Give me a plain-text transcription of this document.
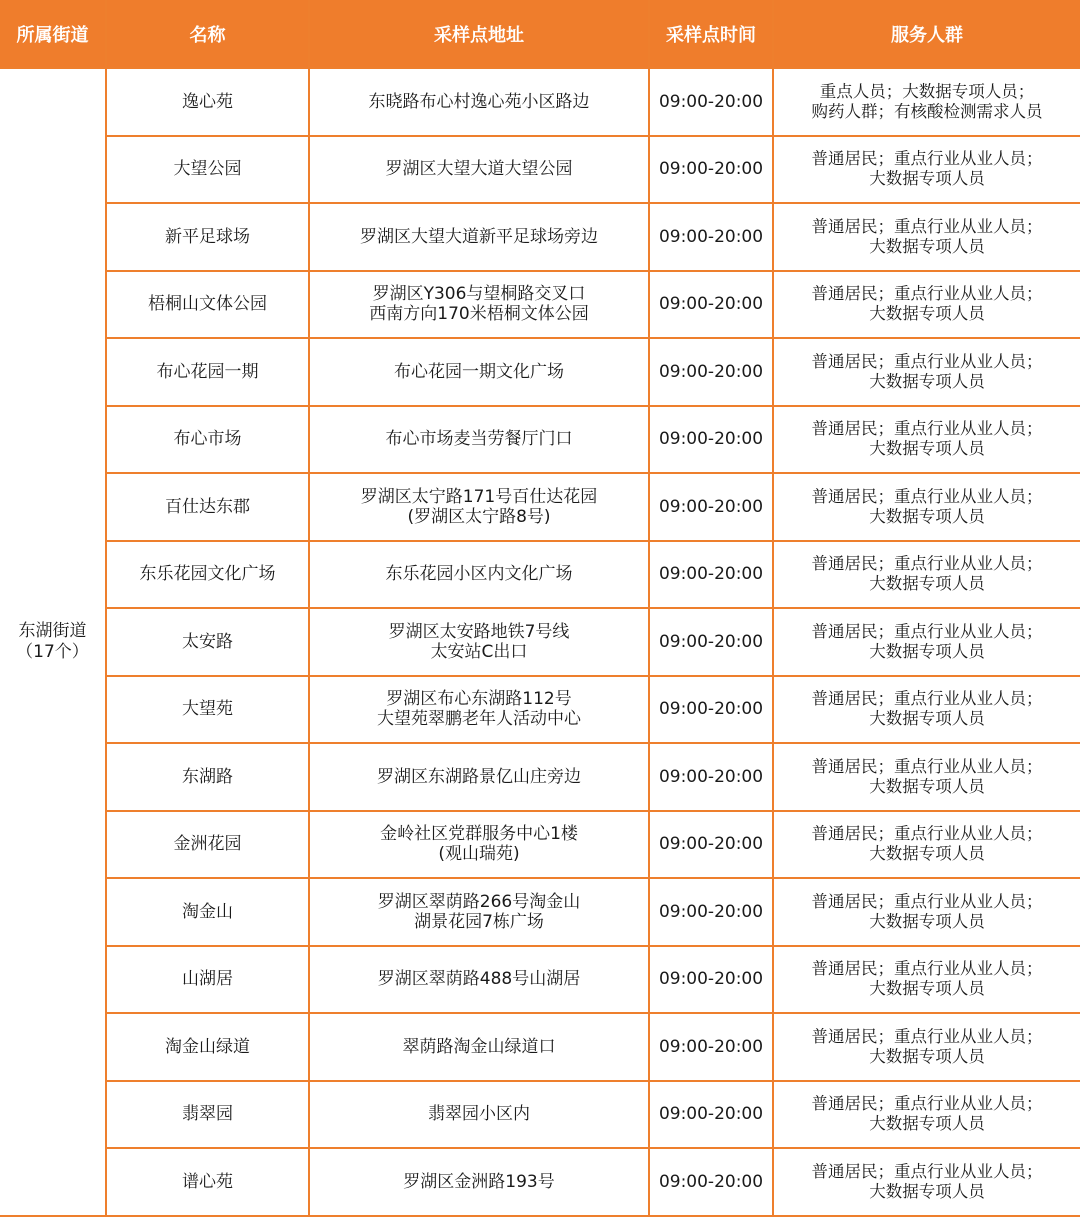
所属街道	名称	采样点地址	采样点时间	服务人群

东湖街道
（17个）	逸心苑	东晓路布心村逸心苑小区路边	09:00-20:00	重点人员；大数据专项人员；
购药人群；有核酸检测需求人员

	大望公园	罗湖区大望大道大望公园	09:00-20:00	普通居民；重点行业从业人员；
大数据专项人员

	新平足球场	罗湖区大望大道新平足球场旁边	09:00-20:00	普通居民；重点行业从业人员；
大数据专项人员

	梧桐山文体公园	罗湖区Y306与望桐路交叉口
西南方向170米梧桐文体公园	09:00-20:00	普通居民；重点行业从业人员；
大数据专项人员

	布心花园一期	布心花园一期文化广场	09:00-20:00	普通居民；重点行业从业人员；
大数据专项人员

	布心市场	布心市场麦当劳餐厅门口	09:00-20:00	普通居民；重点行业从业人员；
大数据专项人员

	百仕达东郡	罗湖区太宁路171号百仕达花园
(罗湖区太宁路8号)	09:00-20:00	普通居民；重点行业从业人员；
大数据专项人员

	东乐花园文化广场	东乐花园小区内文化广场	09:00-20:00	普通居民；重点行业从业人员；
大数据专项人员

	太安路	罗湖区太安路地铁7号线
太安站C出口	09:00-20:00	普通居民；重点行业从业人员；
大数据专项人员

	大望苑	罗湖区布心东湖路112号
大望苑翠鹏老年人活动中心	09:00-20:00	普通居民；重点行业从业人员；
大数据专项人员

	东湖路	罗湖区东湖路景亿山庄旁边	09:00-20:00	普通居民；重点行业从业人员；
大数据专项人员

	金洲花园	金岭社区党群服务中心1楼
(观山瑞苑)	09:00-20:00	普通居民；重点行业从业人员；
大数据专项人员

	淘金山	罗湖区翠荫路266号淘金山
湖景花园7栋广场	09:00-20:00	普通居民；重点行业从业人员；
大数据专项人员

	山湖居	罗湖区翠荫路488号山湖居	09:00-20:00	普通居民；重点行业从业人员；
大数据专项人员

	淘金山绿道	翠荫路淘金山绿道口	09:00-20:00	普通居民；重点行业从业人员；
大数据专项人员

	翡翠园	翡翠园小区内	09:00-20:00	普通居民；重点行业从业人员；
大数据专项人员

	谱心苑	罗湖区金洲路193号	09:00-20:00	普通居民；重点行业从业人员；
大数据专项人员
